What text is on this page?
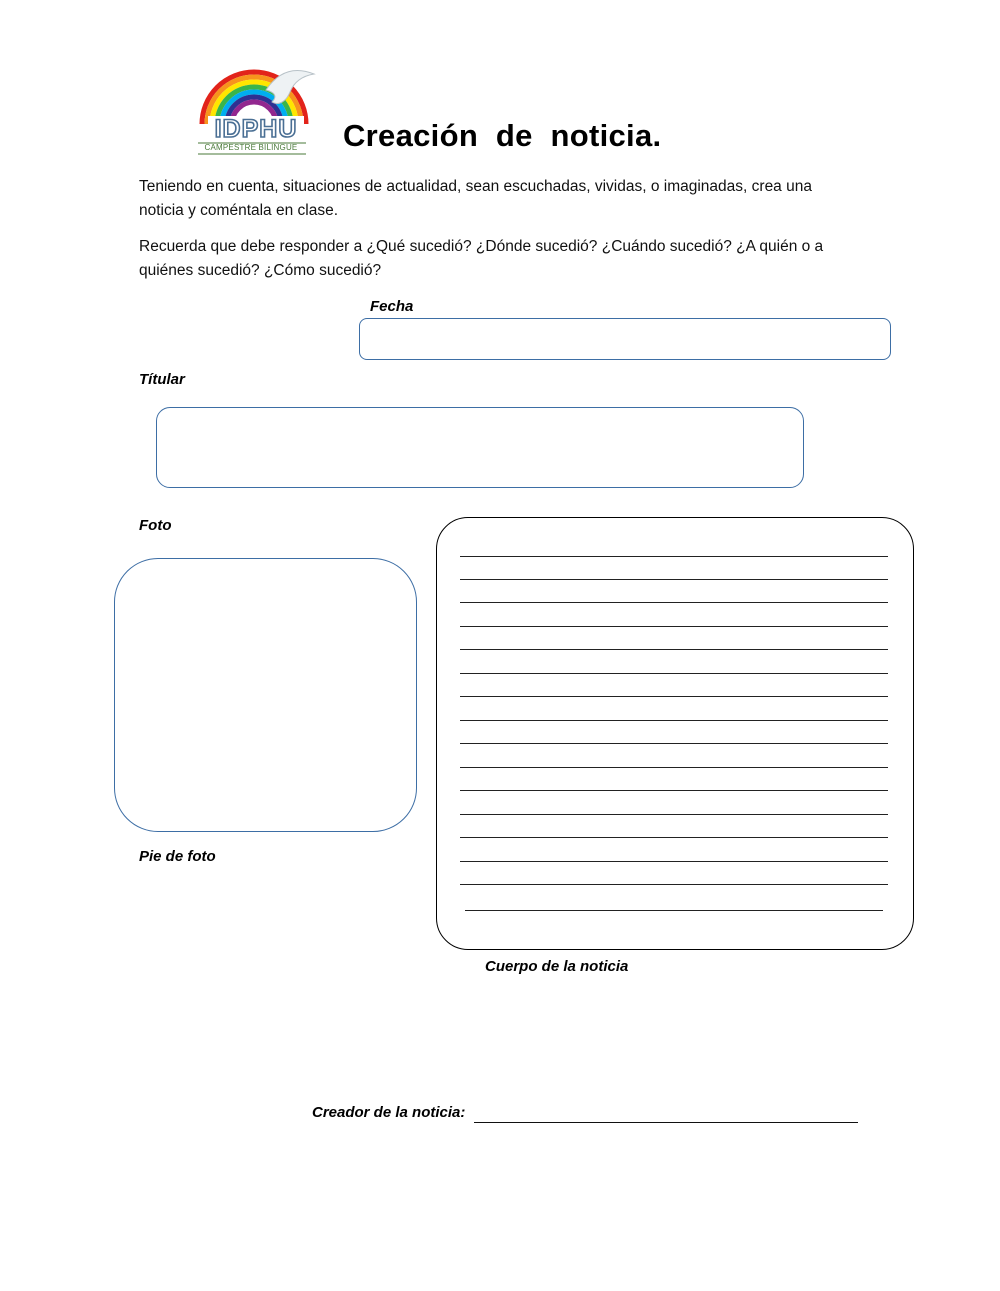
IDPHU
CAMPESTRE BILINGUE Creación  de  noticia.
Teniendo en cuenta, situaciones de actualidad, sean escuchadas, vividas, o imaginadas, crea una noticia y coméntala en clase.
Recuerda que debe responder a ¿Qué sucedió? ¿Dónde sucedió? ¿Cuándo sucedió? ¿A quién o a quiénes sucedió? ¿Cómo sucedió?
Fecha
Títular
Foto
Pie de foto
Cuerpo de la noticia
Creador de la noticia:
